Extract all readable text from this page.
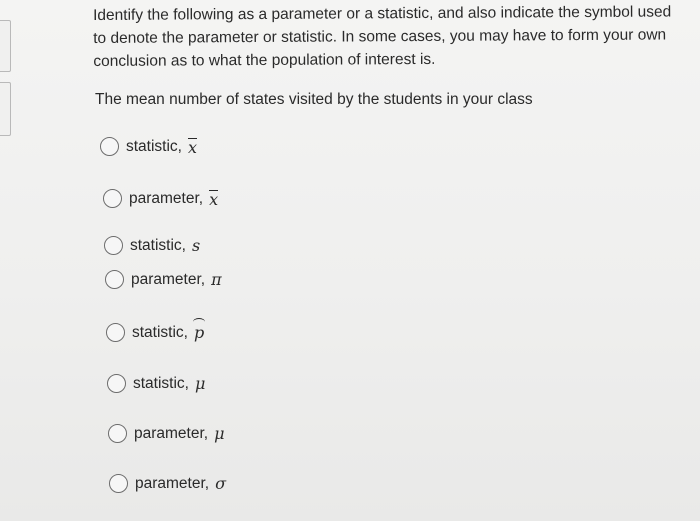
Identify the following as a parameter or a statistic, and also indicate the symbol used to denote the parameter or statistic. In some cases, you may have to form your own conclusion as to what the population of interest is.
The mean number of states visited by the students in your class
statistic, x
parameter, x
statistic, s
parameter, π
statistic, p
statistic, μ
parameter, μ
parameter, σ
